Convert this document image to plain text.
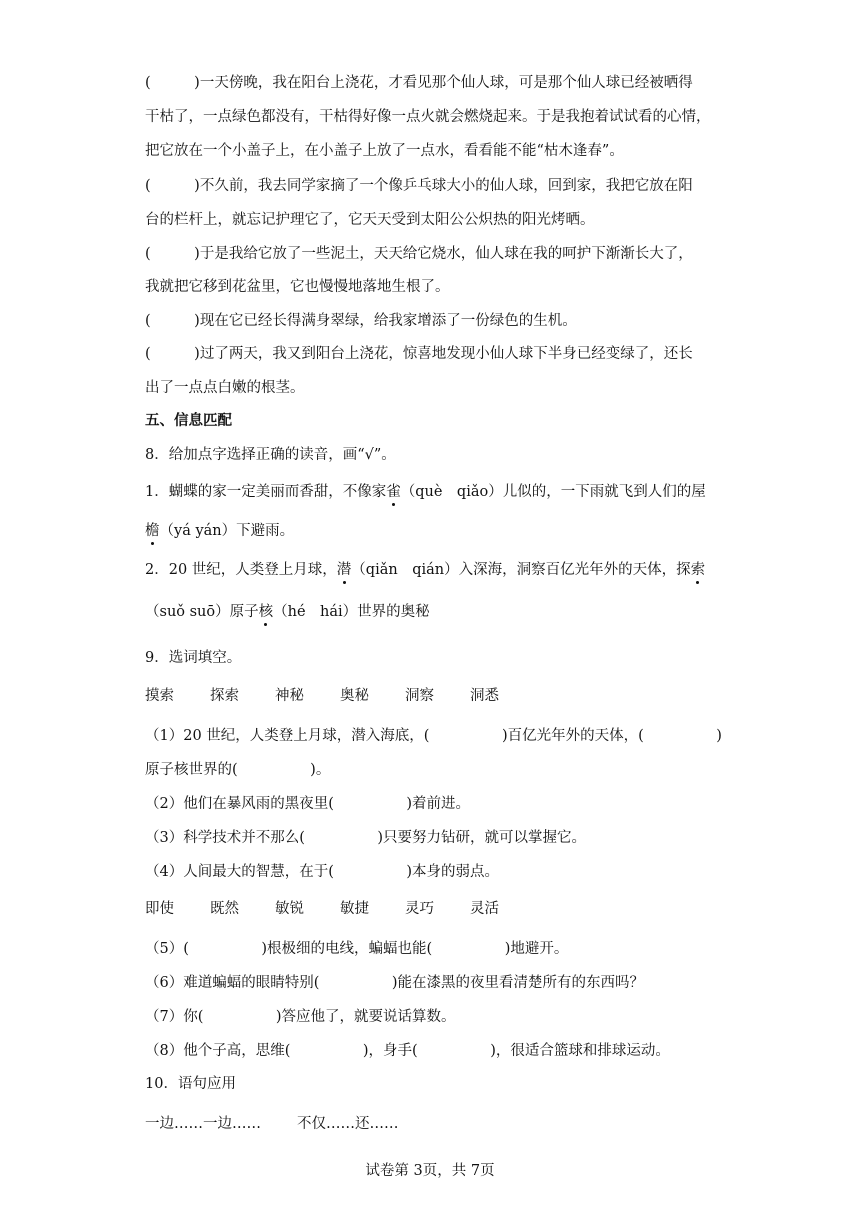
(　　　)一天傍晚，我在阳台上浇花，才看见那个仙人球，可是那个仙人球已经被晒得
干枯了，一点绿色都没有，干枯得好像一点火就会燃烧起来。于是我抱着试试看的心情，
把它放在一个小盖子上，在小盖子上放了一点水，看看能不能“枯木逢春”。
(　　　)不久前，我去同学家摘了一个像乒乓球大小的仙人球，回到家，我把它放在阳
台的栏杆上，就忘记护理它了，它天天受到太阳公公炽热的阳光烤晒。
(　　　)于是我给它放了一些泥土，天天给它烧水，仙人球在我的呵护下渐渐长大了，
我就把它移到花盆里，它也慢慢地落地生根了。
(　　　)现在它已经长得满身翠绿，给我家增添了一份绿色的生机。
(　　　)过了两天，我又到阳台上浇花，惊喜地发现小仙人球下半身已经变绿了，还长
出了一点点白嫩的根茎。
五、信息匹配
8．给加点字选择正确的读音，画“√”。
1．蝴蝶的家一定美丽而香甜，不像家雀（què　qiǎo）儿似的，一下雨就飞到人们的屋
檐（yá yán）下避雨。
2．20 世纪，人类登上月球，潜（qiǎn　qián）入深海，洞察百亿光年外的天体，探索
（suǒ suō）原子核（hé　hái）世界的奥秘
9．选词填空。
摸索 探索 神秘 奥秘 洞察 洞悉
（1）20 世纪，人类登上月球，潜入海底，(　　　　　)百亿光年外的天体，(　　　　　)
原子核世界的(　　　　　)。
（2）他们在暴风雨的黑夜里(　　　　　)着前进。
（3）科学技术并不那么(　　　　　)只要努力钻研，就可以掌握它。
（4）人间最大的智慧，在于(　　　　　)本身的弱点。
即使 既然 敏锐 敏捷 灵巧 灵活
（5）(　　　　　)根极细的电线，蝙蝠也能(　　　　　)地避开。
（6）难道蝙蝠的眼睛特别(　　　　　)能在漆黑的夜里看清楚所有的东西吗？
（7）你(　　　　　)答应他了，就要说话算数。
（8）他个子高，思维(　　　　　)，身手(　　　　　)，很适合篮球和排球运动。
10．语句应用
一边……一边…… 不仅……还……
试卷第 3页，共 7页
